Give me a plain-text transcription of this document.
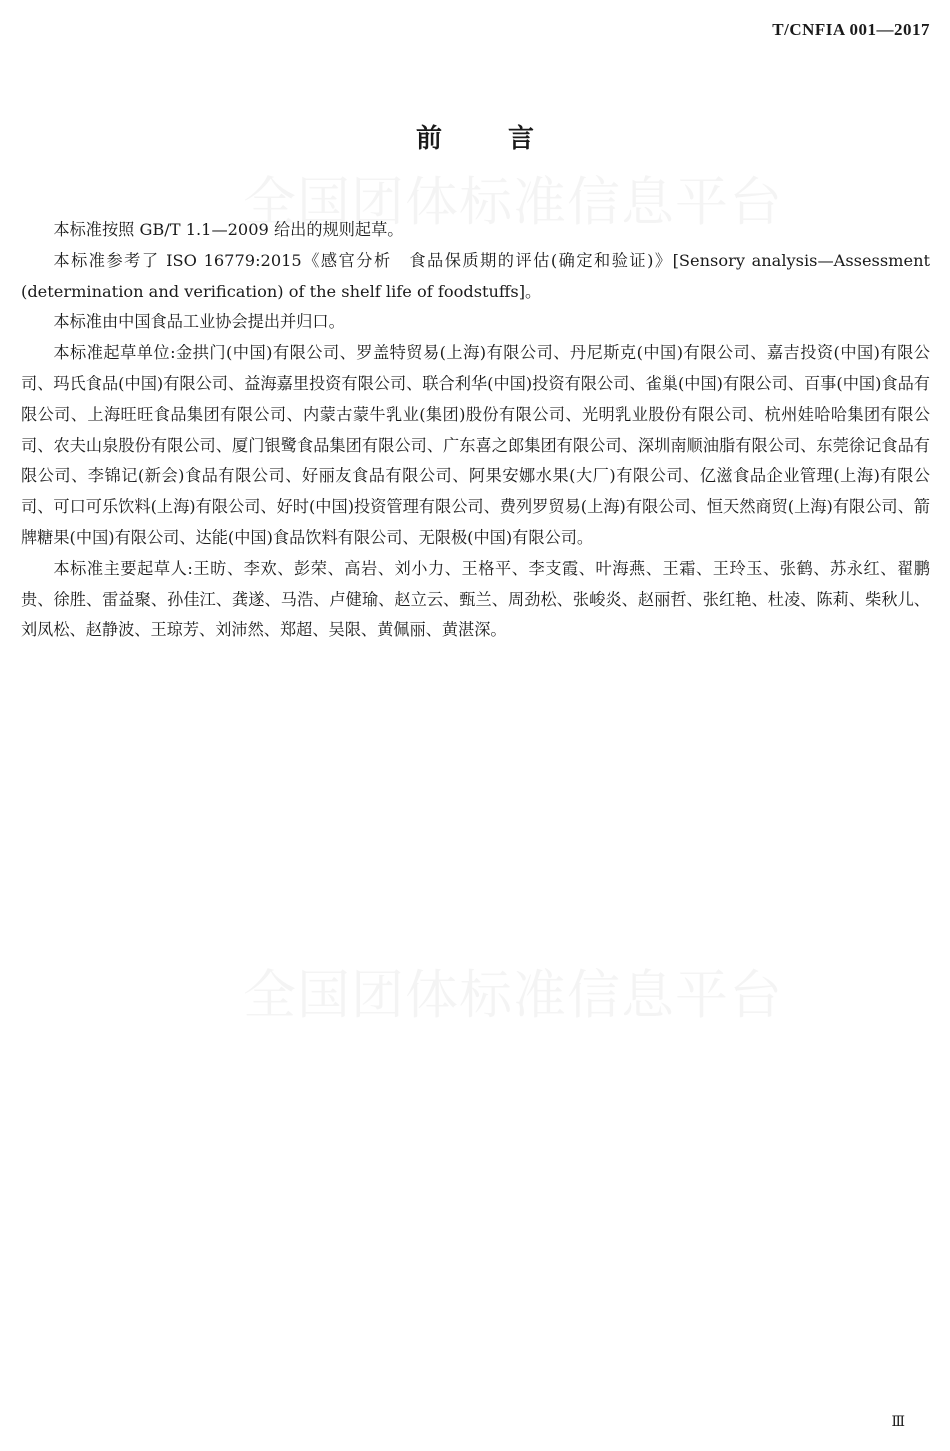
T/CNFIA 001—2017
前言

本标准按照 GB/T 1.1—2009 给出的规则起草。

本标准参考了 ISO 16779:2015《感官分析　食品保质期的评估(确定和验证)》[Sensory analysis—Assessment (determination and verification) of the shelf life of foodstuffs]。

本标准由中国食品工业协会提出并归口。

本标准起草单位:金拱门(中国)有限公司、罗盖特贸易(上海)有限公司、丹尼斯克(中国)有限公司、嘉吉投资(中国)有限公司、玛氏食品(中国)有限公司、益海嘉里投资有限公司、联合利华(中国)投资有限公司、雀巢(中国)有限公司、百事(中国)食品有限公司、上海旺旺食品集团有限公司、内蒙古蒙牛乳业(集团)股份有限公司、光明乳业股份有限公司、杭州娃哈哈集团有限公司、农夫山泉股份有限公司、厦门银鹭食品集团有限公司、广东喜之郎集团有限公司、深圳南顺油脂有限公司、东莞徐记食品有限公司、李锦记(新会)食品有限公司、好丽友食品有限公司、阿果安娜水果(大厂)有限公司、亿滋食品企业管理(上海)有限公司、可口可乐饮料(上海)有限公司、好时(中国)投资管理有限公司、费列罗贸易(上海)有限公司、恒天然商贸(上海)有限公司、箭牌糖果(中国)有限公司、达能(中国)食品饮料有限公司、无限极(中国)有限公司。

本标准主要起草人:王昉、李欢、彭荣、高岩、刘小力、王格平、李支霞、叶海燕、王霜、王玲玉、张鹤、苏永红、翟鹏贵、徐胜、雷益聚、孙佳江、龚遂、马浩、卢健瑜、赵立云、甄兰、周劲松、张峻炎、赵丽哲、张红艳、杜凌、陈莉、柴秋儿、刘凤松、赵静波、王琼芳、刘沛然、郑超、吴限、黄佩丽、黄湛深。

Ⅲ
